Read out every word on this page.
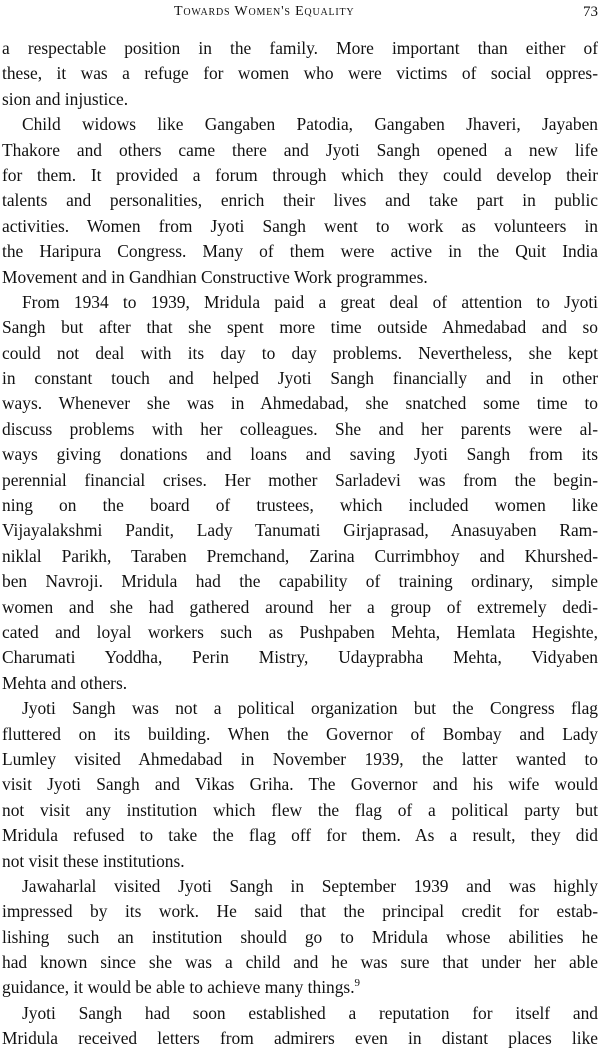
Towards Women's Equality	73
a respectable position in the family. More important than either of
these, it was a refuge for women who were victims of social oppres-
sion and injustice.
Child widows like Gangaben Patodia, Gangaben Jhaveri, Jayaben
Thakore and others came there and Jyoti Sangh opened a new life
for them. It provided a forum through which they could develop their
talents and personalities, enrich their lives and take part in public
activities. Women from Jyoti Sangh went to work as volunteers in
the Haripura Congress. Many of them were active in the Quit India
Movement and in Gandhian Constructive Work programmes.
From 1934 to 1939, Mridula paid a great deal of attention to Jyoti
Sangh but after that she spent more time outside Ahmedabad and so
could not deal with its day to day problems. Nevertheless, she kept
in constant touch and helped Jyoti Sangh financially and in other
ways. Whenever she was in Ahmedabad, she snatched some time to
discuss problems with her colleagues. She and her parents were al-
ways giving donations and loans and saving Jyoti Sangh from its
perennial financial crises. Her mother Sarladevi was from the begin-
ning on the board of trustees, which included women like
Vijayalakshmi Pandit, Lady Tanumati Girjaprasad, Anasuyaben Ram-
niklal Parikh, Taraben Premchand, Zarina Currimbhoy and Khurshed-
ben Navroji. Mridula had the capability of training ordinary, simple
women and she had gathered around her a group of extremely dedi-
cated and loyal workers such as Pushpaben Mehta, Hemlata Hegishte,
Charumati Yoddha, Perin Mistry, Udayprabha Mehta, Vidyaben
Mehta and others.
Jyoti Sangh was not a political organization but the Congress flag
fluttered on its building. When the Governor of Bombay and Lady
Lumley visited Ahmedabad in November 1939, the latter wanted to
visit Jyoti Sangh and Vikas Griha. The Governor and his wife would
not visit any institution which flew the flag of a political party but
Mridula refused to take the flag off for them. As a result, they did
not visit these institutions.
Jawaharlal visited Jyoti Sangh in September 1939 and was highly
impressed by its work. He said that the principal credit for estab-
lishing such an institution should go to Mridula whose abilities he
had known since she was a child and he was sure that under her able
guidance, it would be able to achieve many things.$^9$
Jyoti Sangh had soon established a reputation for itself and
Mridula received letters from admirers even in distant places like
